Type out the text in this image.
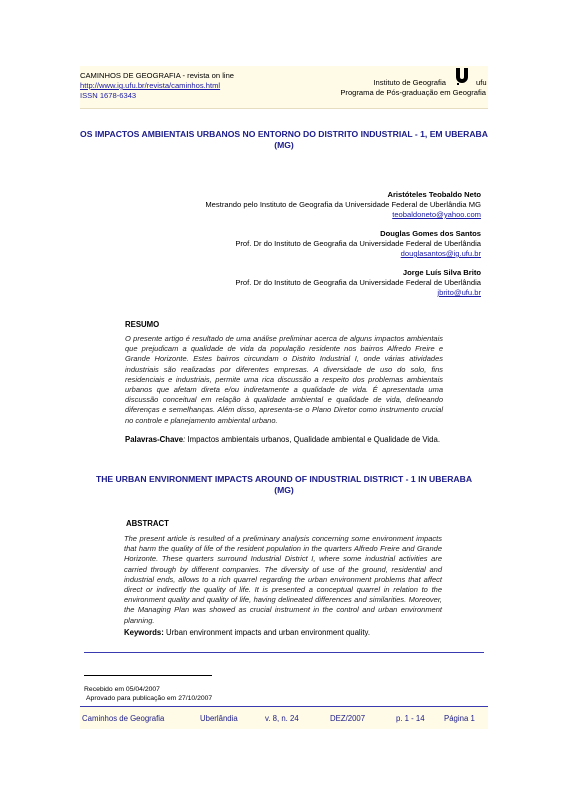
CAMINHOS DE GEOGRAFIA - revista on line
http://www.ig.ufu.br/revista/caminhos.html
ISSN 1678-6343
ufu
Instituto de Geografia
Programa de Pós-graduação em Geografia
OS IMPACTOS AMBIENTAIS URBANOS NO ENTORNO DO DISTRITO INDUSTRIAL - 1, EM UBERABA (MG)
Aristóteles Teobaldo Neto
Mestrando pelo Instituto de Geografia da Universidade Federal de Uberlândia MG
teobaldoneto@yahoo.com
Douglas Gomes dos Santos
Prof. Dr do Instituto de Geografia da Universidade Federal de Uberlândia
douglasantos@ig.ufu.br
Jorge Luís Silva Brito
Prof. Dr do Instituto de Geografia da Universidade Federal de Uberlândia
jbrito@ufu.br
RESUMO
O presente artigo é resultado de uma análise preliminar acerca de alguns impactos ambientais que prejudicam a qualidade de vida da população residente nos bairros Alfredo Freire e Grande Horizonte. Estes bairros circundam o Distrito Industrial I, onde várias atividades industriais são realizadas por diferentes empresas. A diversidade de uso do solo, fins residenciais e industriais, permite uma rica discussão a respeito dos problemas ambientais urbanos que afetam direta e/ou indiretamente a qualidade de vida. É apresentada uma discussão conceitual em relação à qualidade ambiental e qualidade de vida, delineando diferenças e semelhanças. Além disso, apresenta-se o Plano Diretor como instrumento crucial no controle e planejamento ambiental urbano.
Palavras-Chave: Impactos ambientais urbanos, Qualidade ambiental e Qualidade de Vida.
THE URBAN ENVIRONMENT IMPACTS AROUND OF INDUSTRIAL DISTRICT - 1 IN UBERABA (MG)
ABSTRACT
The present article is resulted of a preliminary analysis concerning some environment impacts that harm the quality of life of the resident population in the quarters Alfredo Freire and Grande Horizonte. These quarters surround Industrial District I, where some industrial activities are carried through by different companies. The diversity of use of the ground, residential and industrial ends, allows to a rich quarrel regarding the urban environment problems that affect direct or indirectly the quality of life. It is presented a conceptual quarrel in relation to the environment quality and quality of life, having delineated differences and similarities. Moreover, the Managing Plan was showed as crucial instrument in the control and urban environment planning.
Keywords: Urban environment impacts and urban environment quality.
Recebido em 05/04/2007
Aprovado para publicação em 27/10/2007
Caminhos de Geografia	Uberlândia	v. 8, n. 24	DEZ/2007	p. 1 - 14 Página 1
